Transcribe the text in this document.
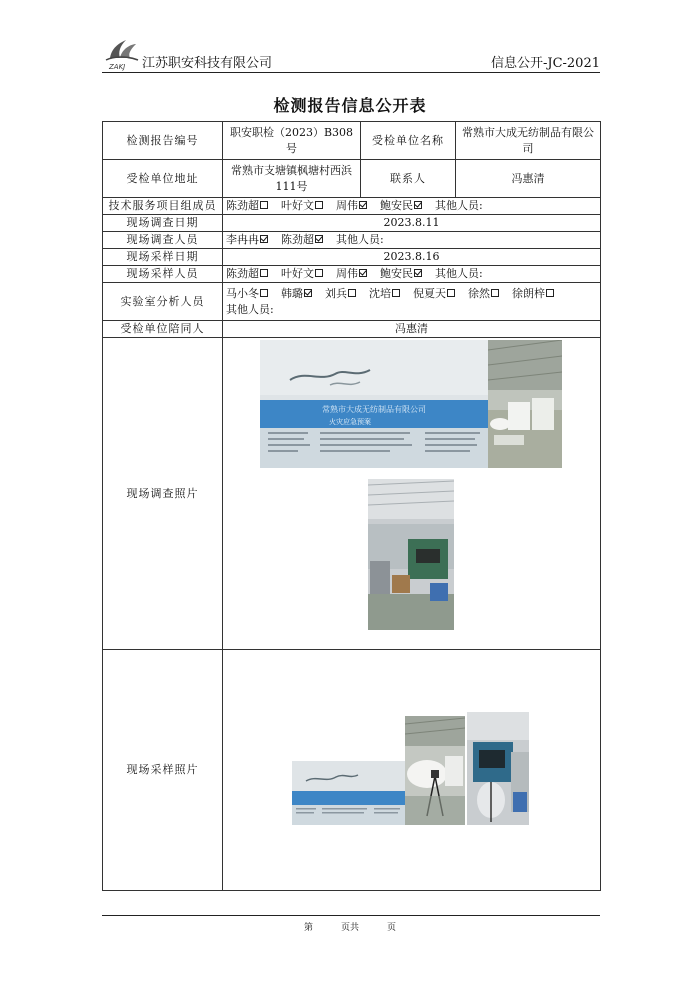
ZAKJ 江苏职安科技有限公司	信息公开-JC-2021
检测报告信息公开表
检测报告编号	职安职检（2023）B308 号	受检单位名称	常熟市大成无纺制品有限公司
受检单位地址	常熟市支塘镇枫塘村西浜111号	联系人	冯惠清
技术服务项目组成员	陈劲超 叶好文 周伟 鲍安民 其他人员:		
现场调查日期	2023.8.11		
现场调查人员	李冉冉 陈劲超 其他人员:		
现场采样日期	2023.8.16		
现场采样人员	陈劲超 叶好文 周伟 鲍安民 其他人员:		
实验室分析人员	马小冬 韩璐 刘兵 沈培 倪夏天 徐然 徐朗梓
其他人员:		

受检单位陪同人	冯惠清		
现场调查照片	常熟市大成无纺制品有限公司
火灾应急预案		

现场采样照片	
第	页共	页
